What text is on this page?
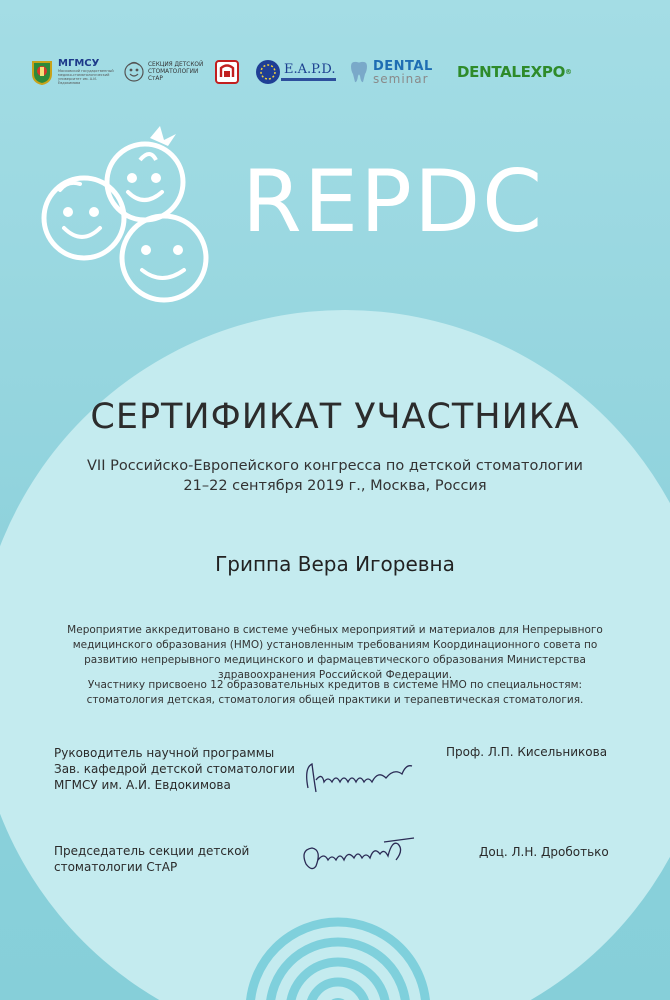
МГМСУ
Московский государственный медико-стоматологический университет им. А.И. Евдокимова
СЕКЦИЯ ДЕТСКОЙ
СТОМАТОЛОГИИ
СтАР
E.A.P.D.	DENTAL
seminar DENTALEXPO ®
REPDC
СЕРТИФИКАТ УЧАСТНИКА
VII Российско-Европейского конгресса по детской стоматологии
21–22 сентября 2019 г., Москва, Россия
Гриппа Вера Игоревна
Мероприятие аккредитовано в системе учебных мероприятий и материалов для Непрерывного медицинского образования (НМО) установленным требованиям Координационного совета по развитию непрерывного медицинского и фармацевтического образования Министерства здравоохранения Российской Федерации.
Участнику присвоено 12 образовательных кредитов в системе НМО по специальностям: стоматология детская, стоматология общей практики и терапевтическая стоматология.
Руководитель научной программы
Зав. кафедрой детской стоматологии
МГМСУ им. А.И. Евдокимова
Проф. Л.П. Кисельникова
Председатель секции детской
стоматологии СтАР
Доц. Л.Н. Дроботько
